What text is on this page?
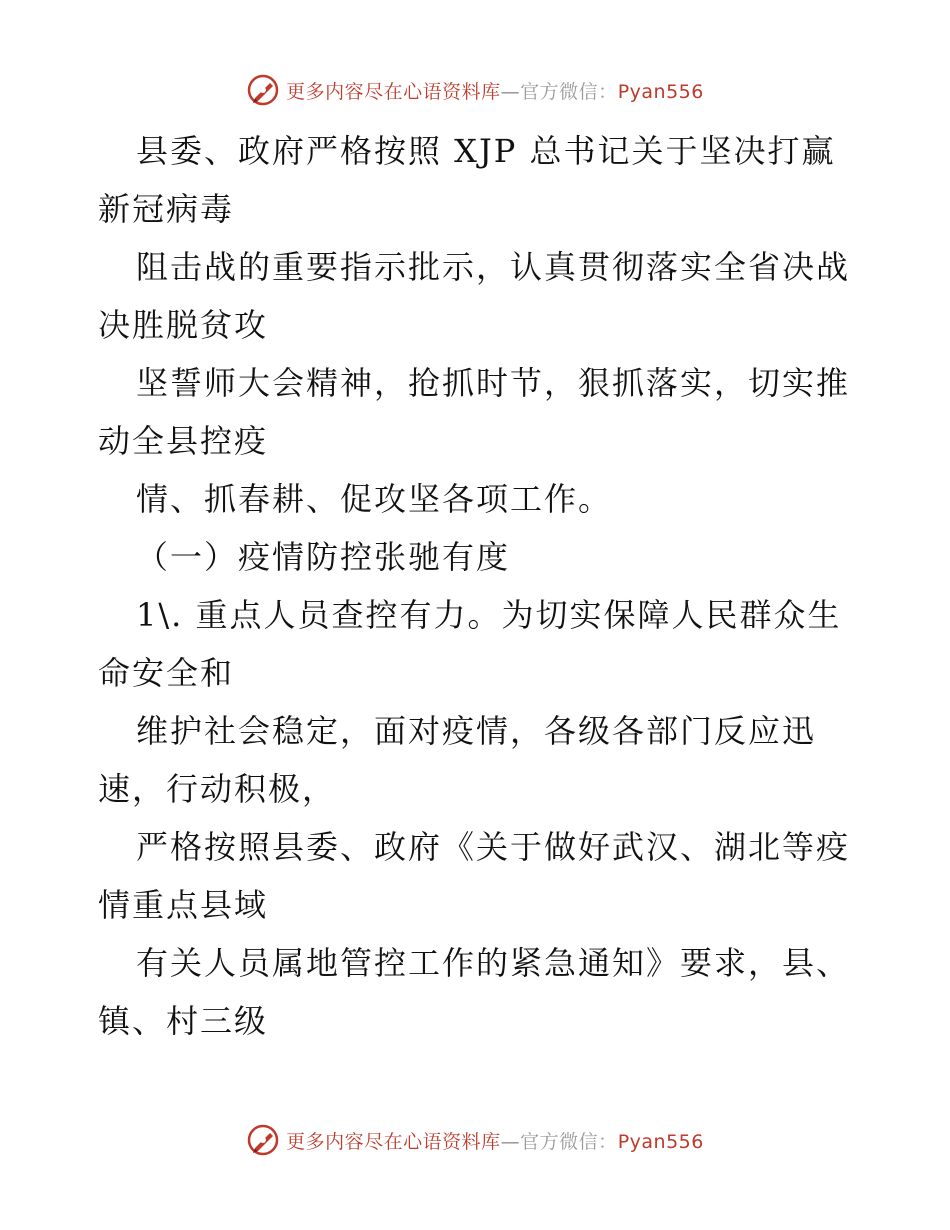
更多内容尽在心语资料库—官方微信：Pyan556
县委、政府严格按照 XJP 总书记关于坚决打赢
新冠病毒
阻击战的重要指示批示，认真贯彻落实全省决战
决胜脱贫攻
坚誓师大会精神，抢抓时节，狠抓落实，切实推
动全县控疫
情、抓春耕、促攻坚各项工作。
（一）疫情防控张驰有度
1\. 重点人员查控有力。为切实保障人民群众生
命安全和
维护社会稳定，面对疫情，各级各部门反应迅
速，行动积极，
严格按照县委、政府《关于做好武汉、湖北等疫
情重点县域
有关人员属地管控工作的紧急通知》要求，县、
镇、村三级
更多内容尽在心语资料库—官方微信：Pyan556
